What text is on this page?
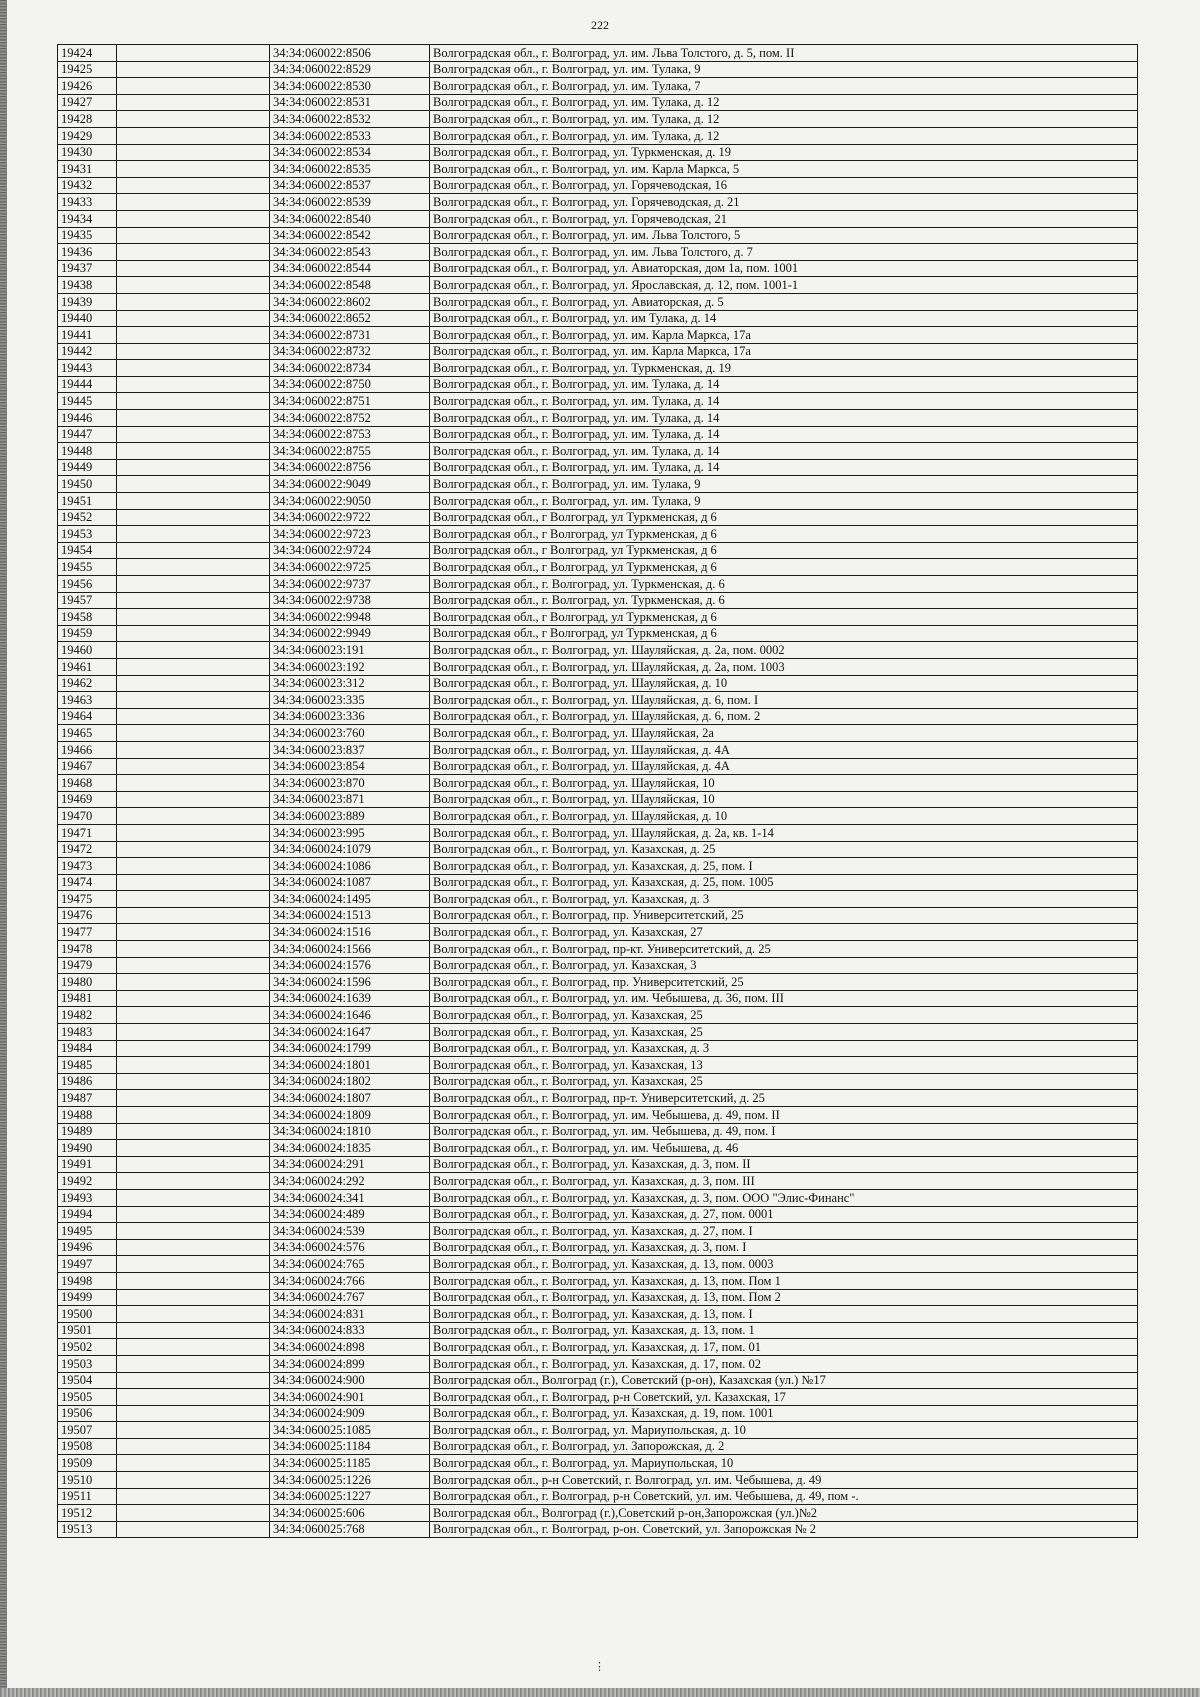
222
19424		34:34:060022:8506	Волгоградская обл., г. Волгоград, ул. им. Льва Толстого, д. 5, пом. II
19425		34:34:060022:8529	Волгоградская обл., г. Волгоград, ул. им. Тулака, 9
19426		34:34:060022:8530	Волгоградская обл., г. Волгоград, ул. им. Тулака, 7
19427		34:34:060022:8531	Волгоградская обл., г. Волгоград, ул. им. Тулака, д. 12
19428		34:34:060022:8532	Волгоградская обл., г. Волгоград, ул. им. Тулака, д. 12
19429		34:34:060022:8533	Волгоградская обл., г. Волгоград, ул. им. Тулака, д. 12
19430		34:34:060022:8534	Волгоградская обл., г. Волгоград, ул. Туркменская, д. 19
19431		34:34:060022:8535	Волгоградская обл., г. Волгоград, ул. им. Карла Маркса, 5
19432		34:34:060022:8537	Волгоградская обл., г. Волгоград, ул. Горячеводская, 16
19433		34:34:060022:8539	Волгоградская обл., г. Волгоград, ул. Горячеводская, д. 21
19434		34:34:060022:8540	Волгоградская обл., г. Волгоград, ул. Горячеводская, 21
19435		34:34:060022:8542	Волгоградская обл., г. Волгоград, ул. им. Льва Толстого, 5
19436		34:34:060022:8543	Волгоградская обл., г. Волгоград, ул. им. Льва Толстого, д. 7
19437		34:34:060022:8544	Волгоградская обл., г. Волгоград, ул. Авиаторская, дом 1а, пом. 1001
19438		34:34:060022:8548	Волгоградская обл., г. Волгоград, ул. Ярославская, д. 12, пом. 1001-1
19439		34:34:060022:8602	Волгоградская обл., г. Волгоград, ул. Авиаторская, д. 5
19440		34:34:060022:8652	Волгоградская обл., г. Волгоград, ул. им Тулака, д. 14
19441		34:34:060022:8731	Волгоградская обл., г. Волгоград, ул. им. Карла Маркса, 17а
19442		34:34:060022:8732	Волгоградская обл., г. Волгоград, ул. им. Карла Маркса, 17а
19443		34:34:060022:8734	Волгоградская обл., г. Волгоград, ул. Туркменская, д. 19
19444		34:34:060022:8750	Волгоградская обл., г. Волгоград, ул. им. Тулака, д. 14
19445		34:34:060022:8751	Волгоградская обл., г. Волгоград, ул. им. Тулака, д. 14
19446		34:34:060022:8752	Волгоградская обл., г. Волгоград, ул. им. Тулака, д. 14
19447		34:34:060022:8753	Волгоградская обл., г. Волгоград, ул. им. Тулака, д. 14
19448		34:34:060022:8755	Волгоградская обл., г. Волгоград, ул. им. Тулака, д. 14
19449		34:34:060022:8756	Волгоградская обл., г. Волгоград, ул. им. Тулака, д. 14
19450		34:34:060022:9049	Волгоградская обл., г. Волгоград, ул. им. Тулака, 9
19451		34:34:060022:9050	Волгоградская обл., г. Волгоград, ул. им. Тулака, 9
19452		34:34:060022:9722	Волгоградская обл., г Волгоград, ул Туркменская, д 6
19453		34:34:060022:9723	Волгоградская обл., г Волгоград, ул Туркменская, д 6
19454		34:34:060022:9724	Волгоградская обл., г Волгоград, ул Туркменская, д 6
19455		34:34:060022:9725	Волгоградская обл., г Волгоград, ул Туркменская, д 6
19456		34:34:060022:9737	Волгоградская обл., г. Волгоград, ул. Туркменская, д. 6
19457		34:34:060022:9738	Волгоградская обл., г. Волгоград, ул. Туркменская, д. 6
19458		34:34:060022:9948	Волгоградская обл., г Волгоград, ул Туркменская, д 6
19459		34:34:060022:9949	Волгоградская обл., г Волгоград, ул Туркменская, д 6
19460		34:34:060023:191	Волгоградская обл., г. Волгоград, ул. Шауляйская, д. 2а, пом. 0002
19461		34:34:060023:192	Волгоградская обл., г. Волгоград, ул. Шауляйская, д. 2а, пом. 1003
19462		34:34:060023:312	Волгоградская обл., г. Волгоград, ул. Шауляйская, д. 10
19463		34:34:060023:335	Волгоградская обл., г. Волгоград, ул. Шауляйская, д. 6, пом. I
19464		34:34:060023:336	Волгоградская обл., г. Волгоград, ул. Шауляйская, д. 6, пом. 2
19465		34:34:060023:760	Волгоградская обл., г. Волгоград, ул. Шауляйская, 2а
19466		34:34:060023:837	Волгоградская обл., г. Волгоград, ул. Шауляйская, д. 4А
19467		34:34:060023:854	Волгоградская обл., г. Волгоград, ул. Шауляйская, д. 4А
19468		34:34:060023:870	Волгоградская обл., г. Волгоград, ул. Шауляйская, 10
19469		34:34:060023:871	Волгоградская обл., г. Волгоград, ул. Шауляйская, 10
19470		34:34:060023:889	Волгоградская обл., г. Волгоград, ул. Шауляйская, д. 10
19471		34:34:060023:995	Волгоградская обл., г. Волгоград, ул. Шауляйская, д. 2а, кв. 1-14
19472		34:34:060024:1079	Волгоградская обл., г. Волгоград, ул. Казахская, д. 25
19473		34:34:060024:1086	Волгоградская обл., г. Волгоград, ул. Казахская, д. 25, пом. I
19474		34:34:060024:1087	Волгоградская обл., г. Волгоград, ул. Казахская, д. 25, пом. 1005
19475		34:34:060024:1495	Волгоградская обл., г. Волгоград, ул. Казахская, д. 3
19476		34:34:060024:1513	Волгоградская обл., г. Волгоград, пр. Университетский, 25
19477		34:34:060024:1516	Волгоградская обл., г. Волгоград, ул. Казахская, 27
19478		34:34:060024:1566	Волгоградская обл., г. Волгоград, пр-кт. Университетский, д. 25
19479		34:34:060024:1576	Волгоградская обл., г. Волгоград, ул. Казахская, 3
19480		34:34:060024:1596	Волгоградская обл., г. Волгоград, пр. Университетский, 25
19481		34:34:060024:1639	Волгоградская обл., г. Волгоград, ул. им. Чебышева, д. 36, пом. III
19482		34:34:060024:1646	Волгоградская обл., г. Волгоград, ул. Казахская, 25
19483		34:34:060024:1647	Волгоградская обл., г. Волгоград, ул. Казахская, 25
19484		34:34:060024:1799	Волгоградская обл., г. Волгоград, ул. Казахская, д. 3
19485		34:34:060024:1801	Волгоградская обл., г. Волгоград, ул. Казахская, 13
19486		34:34:060024:1802	Волгоградская обл., г. Волгоград, ул. Казахская, 25
19487		34:34:060024:1807	Волгоградская обл., г. Волгоград, пр-т. Университетский, д. 25
19488		34:34:060024:1809	Волгоградская обл., г. Волгоград, ул. им. Чебышева, д. 49, пом. II
19489		34:34:060024:1810	Волгоградская обл., г. Волгоград, ул. им. Чебышева, д. 49, пом. I
19490		34:34:060024:1835	Волгоградская обл., г. Волгоград, ул. им. Чебышева, д. 46
19491		34:34:060024:291	Волгоградская обл., г. Волгоград, ул. Казахская, д. 3, пом. II
19492		34:34:060024:292	Волгоградская обл., г. Волгоград, ул. Казахская, д. 3, пом. III
19493		34:34:060024:341	Волгоградская обл., г. Волгоград, ул. Казахская, д. 3, пом. ООО "Элис-Финанс"
19494		34:34:060024:489	Волгоградская обл., г. Волгоград, ул. Казахская, д. 27, пом. 0001
19495		34:34:060024:539	Волгоградская обл., г. Волгоград, ул. Казахская, д. 27, пом. I
19496		34:34:060024:576	Волгоградская обл., г. Волгоград, ул. Казахская, д. 3, пом. I
19497		34:34:060024:765	Волгоградская обл., г. Волгоград, ул. Казахская, д. 13, пом. 0003
19498		34:34:060024:766	Волгоградская обл., г. Волгоград, ул. Казахская, д. 13, пом. Пом 1
19499		34:34:060024:767	Волгоградская обл., г. Волгоград, ул. Казахская, д. 13, пом. Пом 2
19500		34:34:060024:831	Волгоградская обл., г. Волгоград, ул. Казахская, д. 13, пом. I
19501		34:34:060024:833	Волгоградская обл., г. Волгоград, ул. Казахская, д. 13, пом. 1
19502		34:34:060024:898	Волгоградская обл., г. Волгоград, ул. Казахская, д. 17, пом. 01
19503		34:34:060024:899	Волгоградская обл., г. Волгоград, ул. Казахская, д. 17, пом. 02
19504		34:34:060024:900	Волгоградская обл., Волгоград (г.), Советский (р-он), Казахская (ул.) №17
19505		34:34:060024:901	Волгоградская обл., г. Волгоград, р-н Советский, ул. Казахская, 17
19506		34:34:060024:909	Волгоградская обл., г. Волгоград, ул. Казахская, д. 19, пом. 1001
19507		34:34:060025:1085	Волгоградская обл., г. Волгоград, ул. Мариупольская, д. 10
19508		34:34:060025:1184	Волгоградская обл., г. Волгоград, ул. Запорожская, д. 2
19509		34:34:060025:1185	Волгоградская обл., г. Волгоград, ул. Мариупольская, 10
19510		34:34:060025:1226	Волгоградская обл., р-н Советский, г. Волгоград, ул. им. Чебышева, д. 49
19511		34:34:060025:1227	Волгоградская обл., г. Волгоград, р-н Советский, ул. им. Чебышева, д. 49, пом -.
19512		34:34:060025:606	Волгоградская обл., Волгоград (г.),Советский р-он,Запорожская (ул.)№2
19513		34:34:060025:768	Волгоградская обл., г. Волгоград, р-он. Советский, ул. Запорожская № 2
⋮
